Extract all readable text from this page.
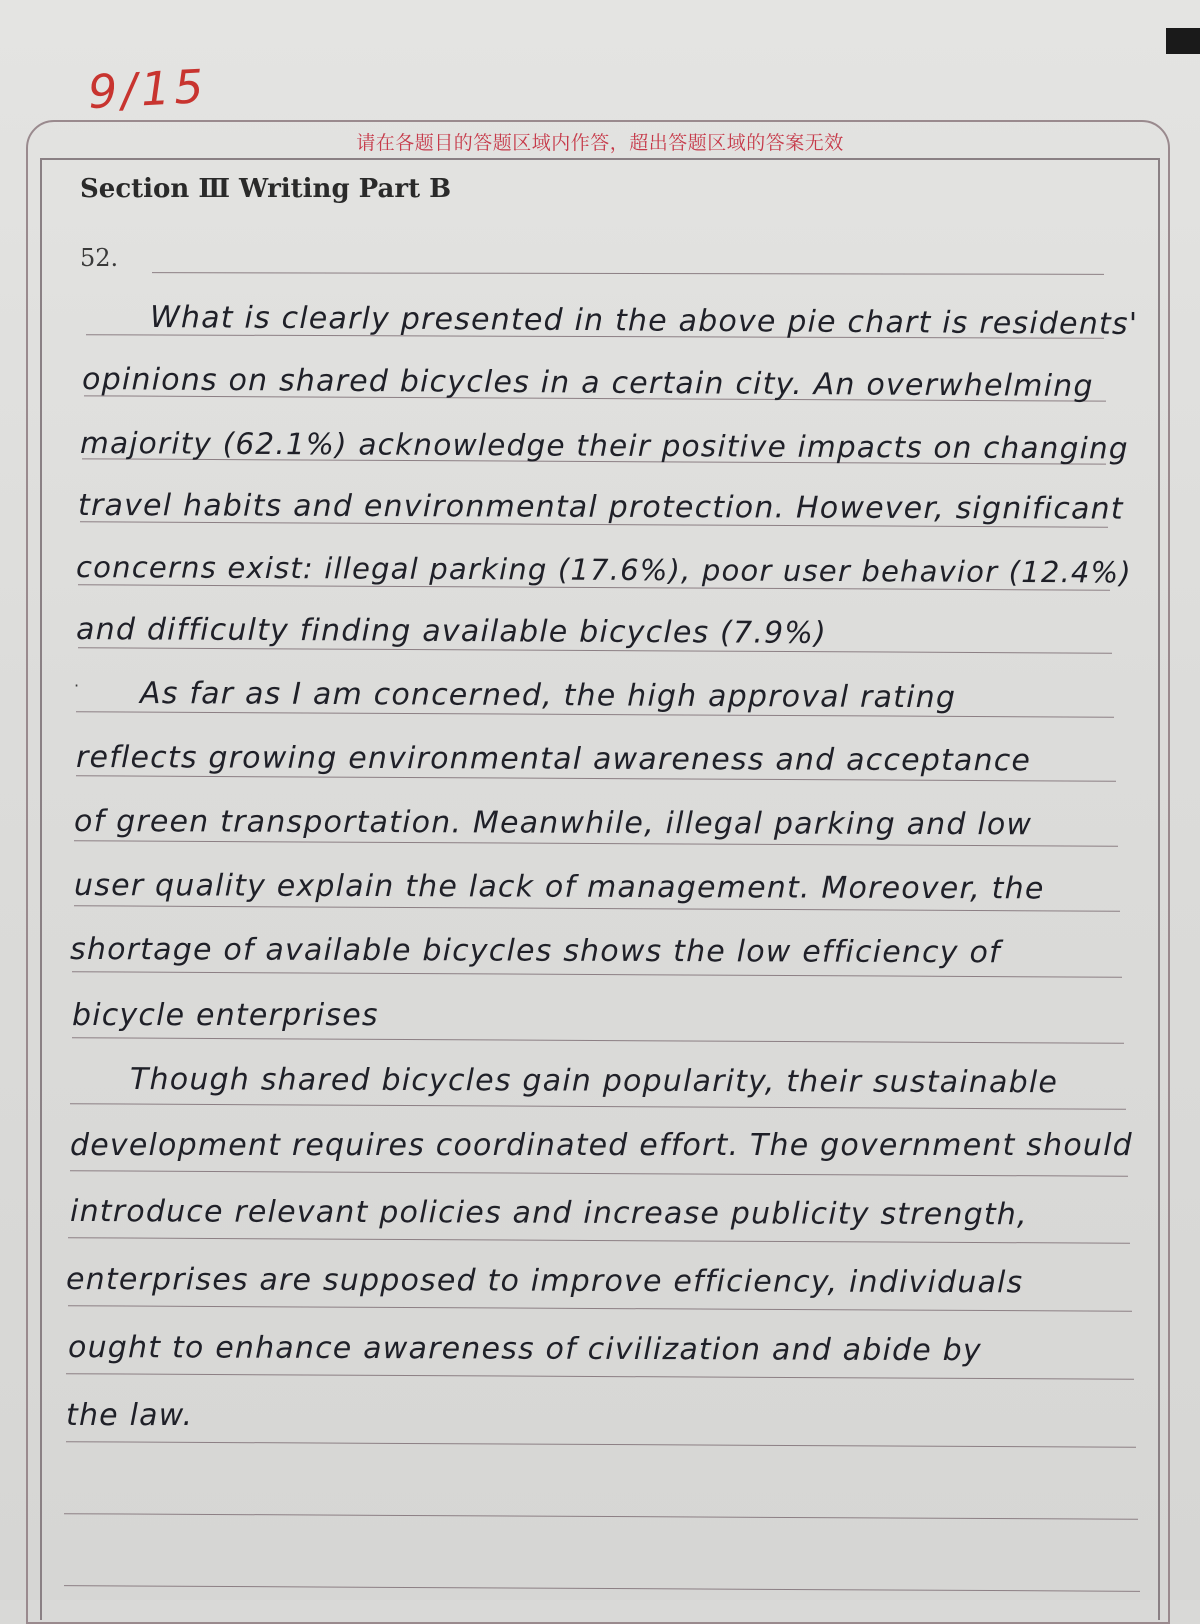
9/15
请在各题目的答题区域内作答，超出答题区域的答案无效
Section Ⅲ Writing Part B
52.
·
What is clearly presented in the above pie chart is residents'
opinions on shared bicycles in a certain city. An overwhelming
majority (62.1%) acknowledge their positive impacts on changing
travel habits and environmental protection. However, significant
concerns exist: illegal parking (17.6%), poor user behavior (12.4%)
and difficulty finding available bicycles (7.9%)
As far as I am concerned, the high approval rating
reflects growing environmental awareness and acceptance
of green transportation. Meanwhile, illegal parking and low
user quality explain the lack of management. Moreover, the
shortage of available bicycles shows the low efficiency of
bicycle enterprises
Though shared bicycles gain popularity, their sustainable
development requires coordinated effort. The government should
introduce relevant policies and increase publicity strength,
enterprises are supposed to improve efficiency, individuals
ought to enhance awareness of civilization and abide by
the law.
